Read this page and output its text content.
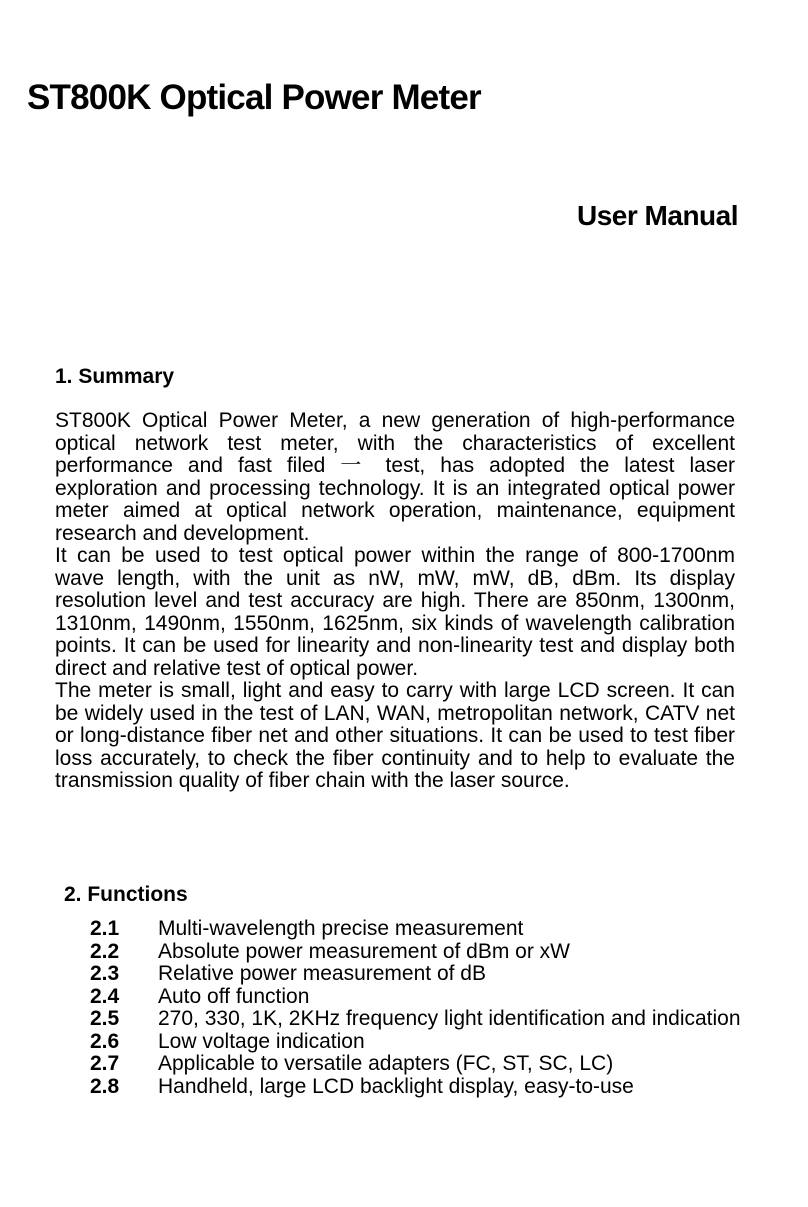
ST800K Optical Power Meter
User Manual
1. Summary

ST800K Optical Power Meter, a new generation of high-performance optical network test meter, with the characteristics of excellent performance and fast filed 一 test, has adopted the latest laser exploration and processing technology. It is an integrated optical power meter aimed at optical network operation, maintenance, equipment research and development.

It can be used to test optical power within the range of 800-1700nm wave length, with the unit as nW, mW, mW, dB, dBm. Its display resolution level and test accuracy are high. There are 850nm, 1300nm, 1310nm, 1490nm, 1550nm, 1625nm, six kinds of wavelength calibration points. It can be used for linearity and non-linearity test and display both direct and relative test of optical power.

The meter is small, light and easy to carry with large LCD screen. It can be widely used in the test of LAN, WAN, metropolitan network, CATV net or long-distance fiber net and other situations. It can be used to test fiber loss accurately, to check the fiber continuity and to help to evaluate the transmission quality of fiber chain with the laser source.

2. Functions
2.1	Multi-wavelength precise measurement
2.2	Absolute power measurement of dBm or xW
2.3	Relative power measurement of dB
2.4	Auto off function
2.5	270, 330, 1K, 2KHz frequency light identification and indication
2.6	Low voltage indication
2.7	Applicable to versatile adapters (FC, ST, SC, LC)
2.8	Handheld, large LCD backlight display, easy-to-use
